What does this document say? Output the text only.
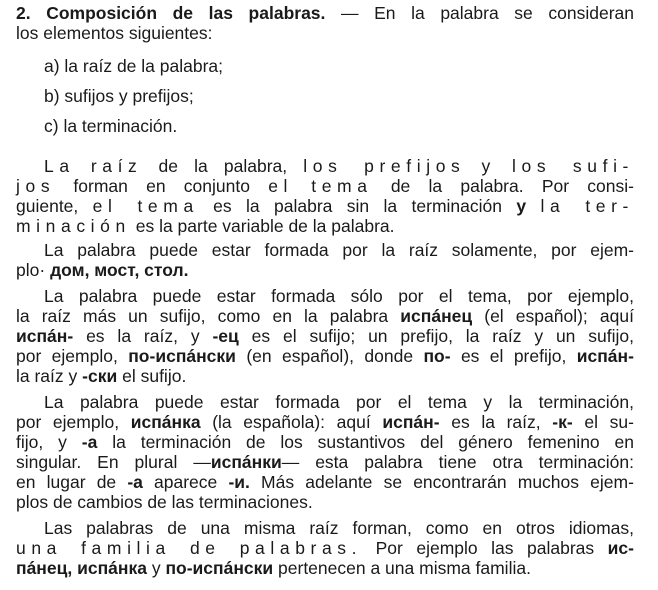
2. Composición de las palabras. — En la palabra se consideran
los elementos siguientes:
a) la raíz de la palabra;
b) sufijos y prefijos;
c) la terminación.
La raíz de la palabra, los prefijos y los sufi-
jos forman en conjunto el tema de la palabra. Por consi-
guiente, el tema es la palabra sin la terminación y la ter-
minación es la parte variable de la palabra.
La palabra puede estar formada por la raíz solamente, por ejem-
plo· дом, мост, стол.
La palabra puede estar formada sólo por el tema, por ejemplo,
la raíz más un sufijo, como en la palabra испáнец (el español); aquí
испáн- es la raíz, y -ец es el sufijo; un prefijo, la raíz y un sufijo,
por ejemplo, по-испáнски (en español), donde по- es el prefijo, испáн-
la raíz y -ски el sufijo.
La palabra puede estar formada por el tema y la terminación,
por ejemplo, испáнка (la española): aquí испáн- es la raíz, -к- el su-
fijo, y -а la terminación de los sustantivos del género femenino en
singular. En plural —испáнки— esta palabra tiene otra terminación:
en lugar de -а aparece -и. Más adelante se encontrarán muchos ejem-
plos de cambios de las terminaciones.
Las palabras de una misma raíz forman, como en otros idiomas,
una familia de palabras. Por ejemplo las palabras ис-
пáнец, испáнка y по-испáнски pertenecen a una misma familia.
